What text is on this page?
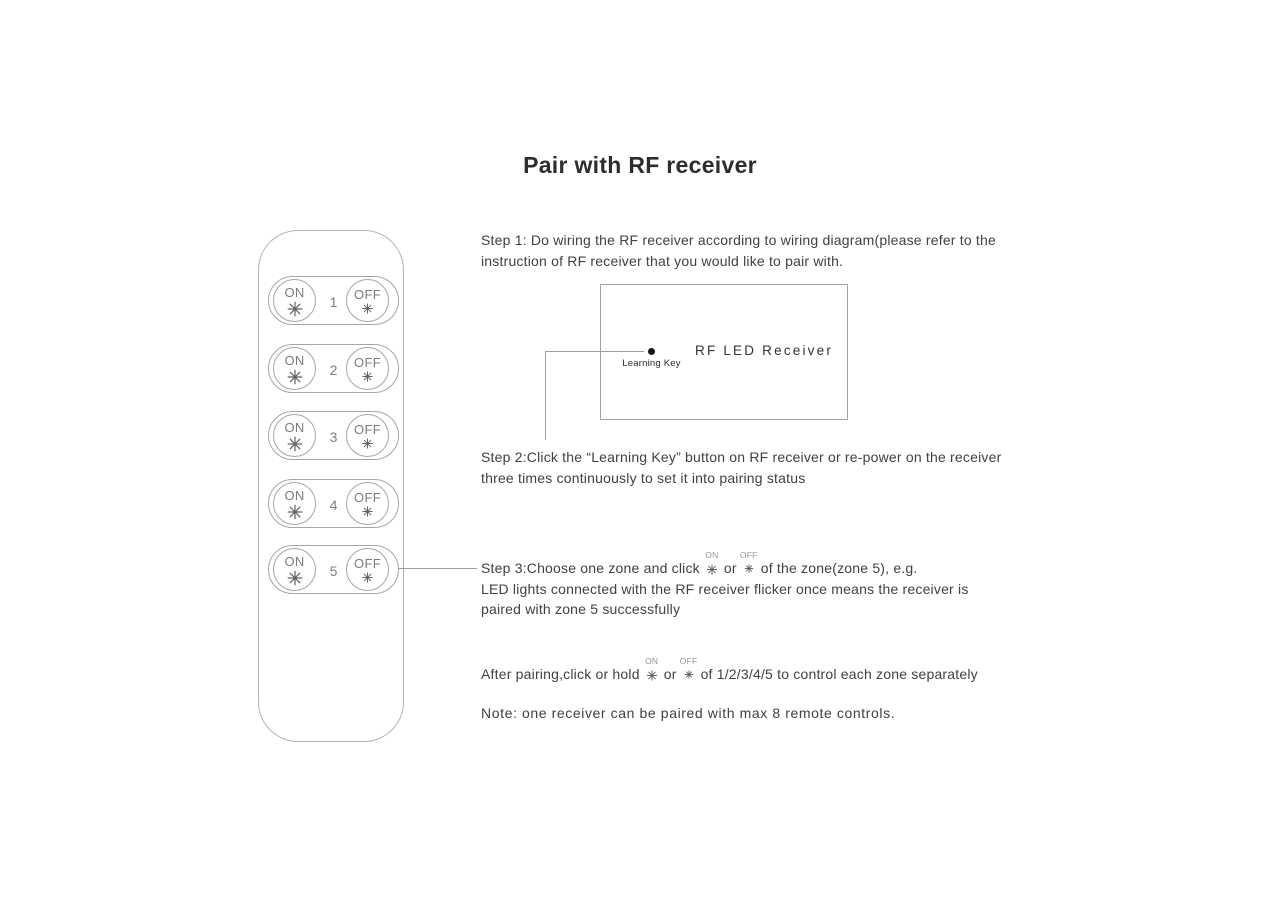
Pair with RF receiver
1
ON	OFF
2
ON	OFF
3
ON	OFF
4
ON	OFF
5
ON	OFF
Step 1: Do wiring the RF receiver according to wiring diagram(please refer to the
instruction of RF receiver that you would like to pair with.
Learning Key
RF LED Receiver
Step 2:Click the “Learning Key” button on RF receiver or re-power on the receiver
three times continuously to set it into pairing status
Step 3:Choose one zone and click
ON
or
OFF
of the zone(zone 5), e.g.
LED lights connected with the RF receiver flicker once means the receiver is
paired with zone 5 successfully
After pairing,click or hold
ON
or
OFF
of 1/2/3/4/5 to control each zone separately
Note: one receiver can be paired with max 8 remote controls.
